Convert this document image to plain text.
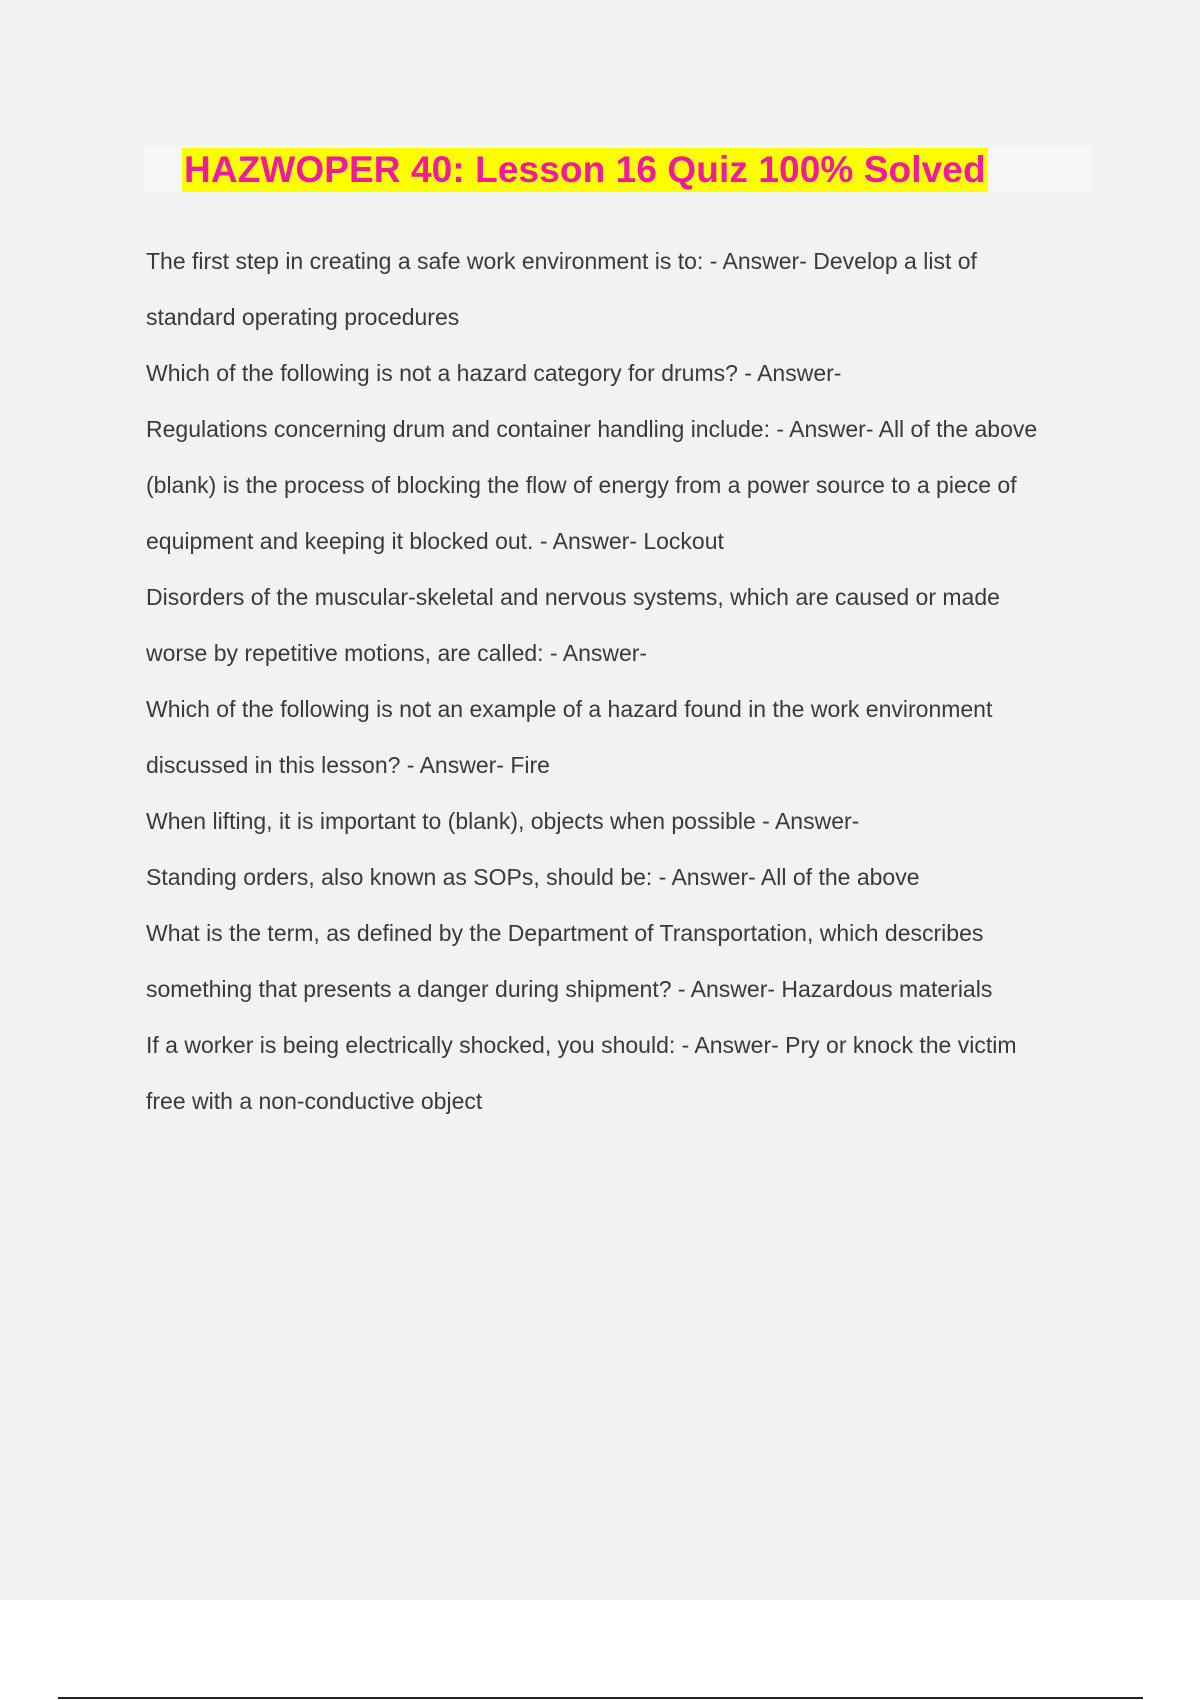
HAZWOPER 40: Lesson 16 Quiz 100% Solved
The first step in creating a safe work environment is to: - Answer- Develop a list of
standard operating procedures
Which of the following is not a hazard category for drums? - Answer-
Regulations concerning drum and container handling include: - Answer- All of the above
(blank) is the process of blocking the flow of energy from a power source to a piece of
equipment and keeping it blocked out. - Answer- Lockout
Disorders of the muscular-skeletal and nervous systems, which are caused or made
worse by repetitive motions, are called: - Answer-
Which of the following is not an example of a hazard found in the work environment
discussed in this lesson? - Answer- Fire
When lifting, it is important to (blank), objects when possible - Answer-
Standing orders, also known as SOPs, should be: - Answer- All of the above
What is the term, as defined by the Department of Transportation, which describes
something that presents a danger during shipment? - Answer- Hazardous materials
If a worker is being electrically shocked, you should: - Answer- Pry or knock the victim
free with a non-conductive object
